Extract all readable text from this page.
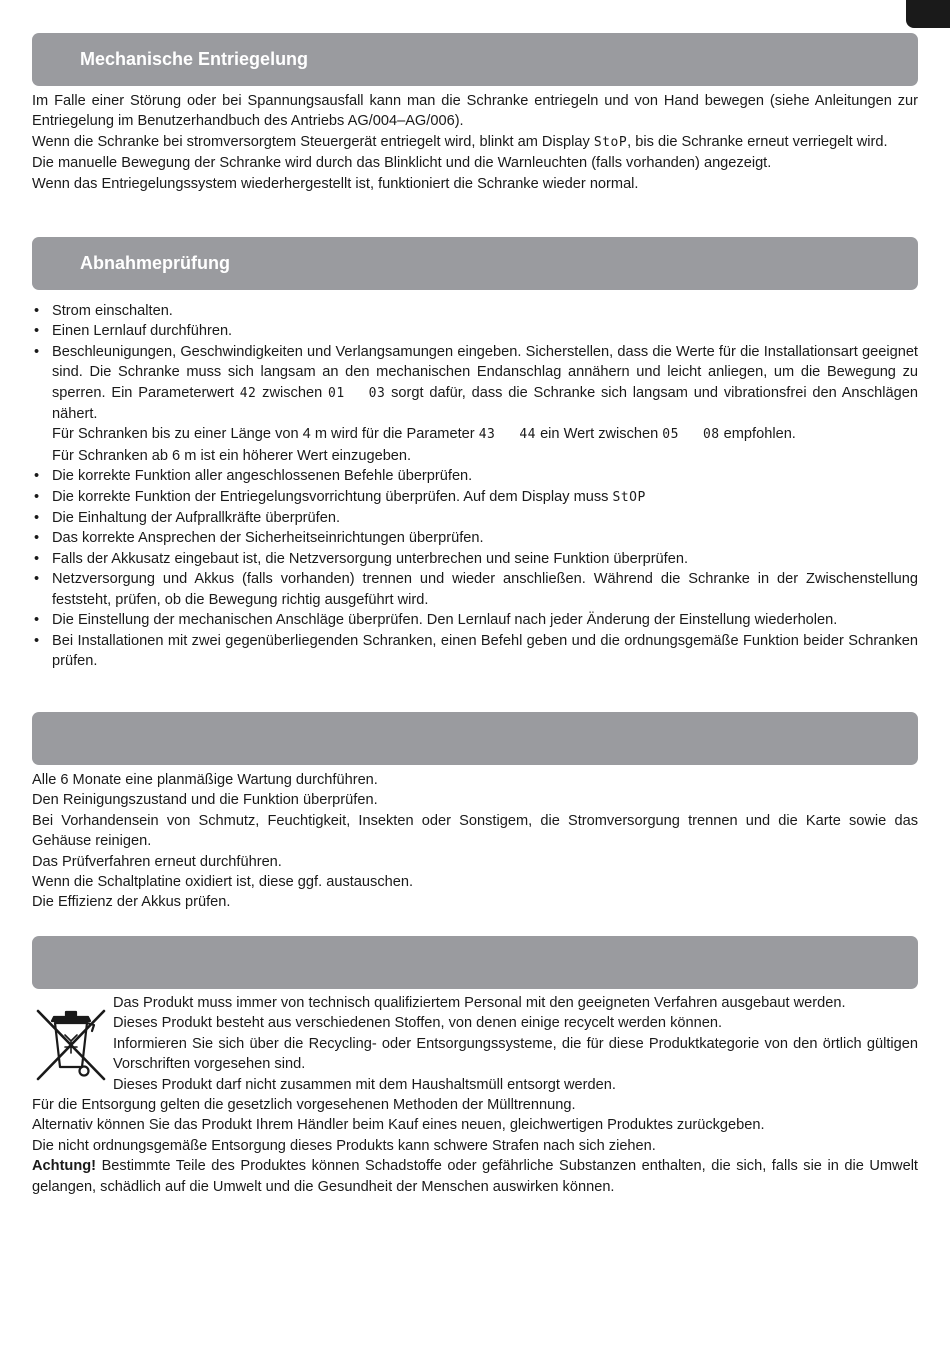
Mechanische Entriegelung

Im Falle einer Störung oder bei Spannungsausfall kann man die Schranke entriegeln und von Hand bewegen (siehe Anleitungen zur Entriegelung im Benutzerhandbuch des Antriebs AG/004–AG/006).

Wenn die Schranke bei stromversorgtem Steuergerät entriegelt wird, blinkt am Display StoP, bis die Schranke erneut verriegelt wird.

Die manuelle Bewegung der Schranke wird durch das Blinklicht und die Warnleuchten (falls vorhanden) angezeigt.

Wenn das Entriegelungssystem wiederhergestellt ist, funktioniert die Schranke wieder normal.

Abnahmeprüfung
• Strom einschalten.
• Einen Lernlauf durchführen.
• Beschleunigungen, Geschwindigkeiten und Verlangsamungen eingeben. Sicherstellen, dass die Werte für die Installationsart geeignet sind. Die Schranke muss sich langsam an den mechanischen Endanschlag annähern und leicht anliegen, um die Bewegung zu sperren. Ein Parameterwert 42 zwischen 01 03 sorgt dafür, dass die Schranke sich langsam und vibrationsfrei den Anschlägen nähert.
Für Schranken bis zu einer Länge von 4 m wird für die Parameter 43 44 ein Wert zwischen 05 08 empfohlen.
Für Schranken ab 6 m ist ein höherer Wert einzugeben.
• Die korrekte Funktion aller angeschlossenen Befehle überprüfen.
• Die korrekte Funktion der Entriegelungsvorrichtung überprüfen. Auf dem Display muss StOP
• Die Einhaltung der Aufprallkräfte überprüfen.
• Das korrekte Ansprechen der Sicherheitseinrichtungen überprüfen.
• Falls der Akkusatz eingebaut ist, die Netzversorgung unterbrechen und seine Funktion überprüfen.
• Netzversorgung und Akkus (falls vorhanden) trennen und wieder anschließen. Während die Schranke in der Zwischenstellung feststeht, prüfen, ob die Bewegung richtig ausgeführt wird.
• Die Einstellung der mechanischen Anschläge überprüfen. Den Lernlauf nach jeder Änderung der Einstellung wiederholen.
• Bei Installationen mit zwei gegenüberliegenden Schranken, einen Befehl geben und die ordnungsgemäße Funktion beider Schranken prüfen.

Alle 6 Monate eine planmäßige Wartung durchführen.

Den Reinigungszustand und die Funktion überprüfen.

Bei Vorhandensein von Schmutz, Feuchtigkeit, Insekten oder Sonstigem, die Stromversorgung trennen und die Karte sowie das Gehäuse reinigen.

Das Prüfverfahren erneut durchführen.

Wenn die Schaltplatine oxidiert ist, diese ggf. austauschen.

Die Effizienz der Akkus prüfen.

Das Produkt muss immer von technisch qualifiziertem Personal mit den geeigneten Verfahren ausgebaut werden.

Dieses Produkt besteht aus verschiedenen Stoffen, von denen einige recycelt werden können.

Informieren Sie sich über die Recycling- oder Entsorgungssysteme, die für diese Produktkategorie von den örtlich gültigen Vorschriften vorgesehen sind.

Dieses Produkt darf nicht zusammen mit dem Haushaltsmüll entsorgt werden.

Für die Entsorgung gelten die gesetzlich vorgesehenen Methoden der Mülltrennung.

Alternativ können Sie das Produkt Ihrem Händler beim Kauf eines neuen, gleichwertigen Produktes zurückgeben.

Die nicht ordnungsgemäße Entsorgung dieses Produkts kann schwere Strafen nach sich ziehen.

Achtung! Bestimmte Teile des Produktes können Schadstoffe oder gefährliche Substanzen enthalten, die sich, falls sie in die Umwelt gelangen, schädlich auf die Umwelt und die Gesundheit der Menschen auswirken können.
